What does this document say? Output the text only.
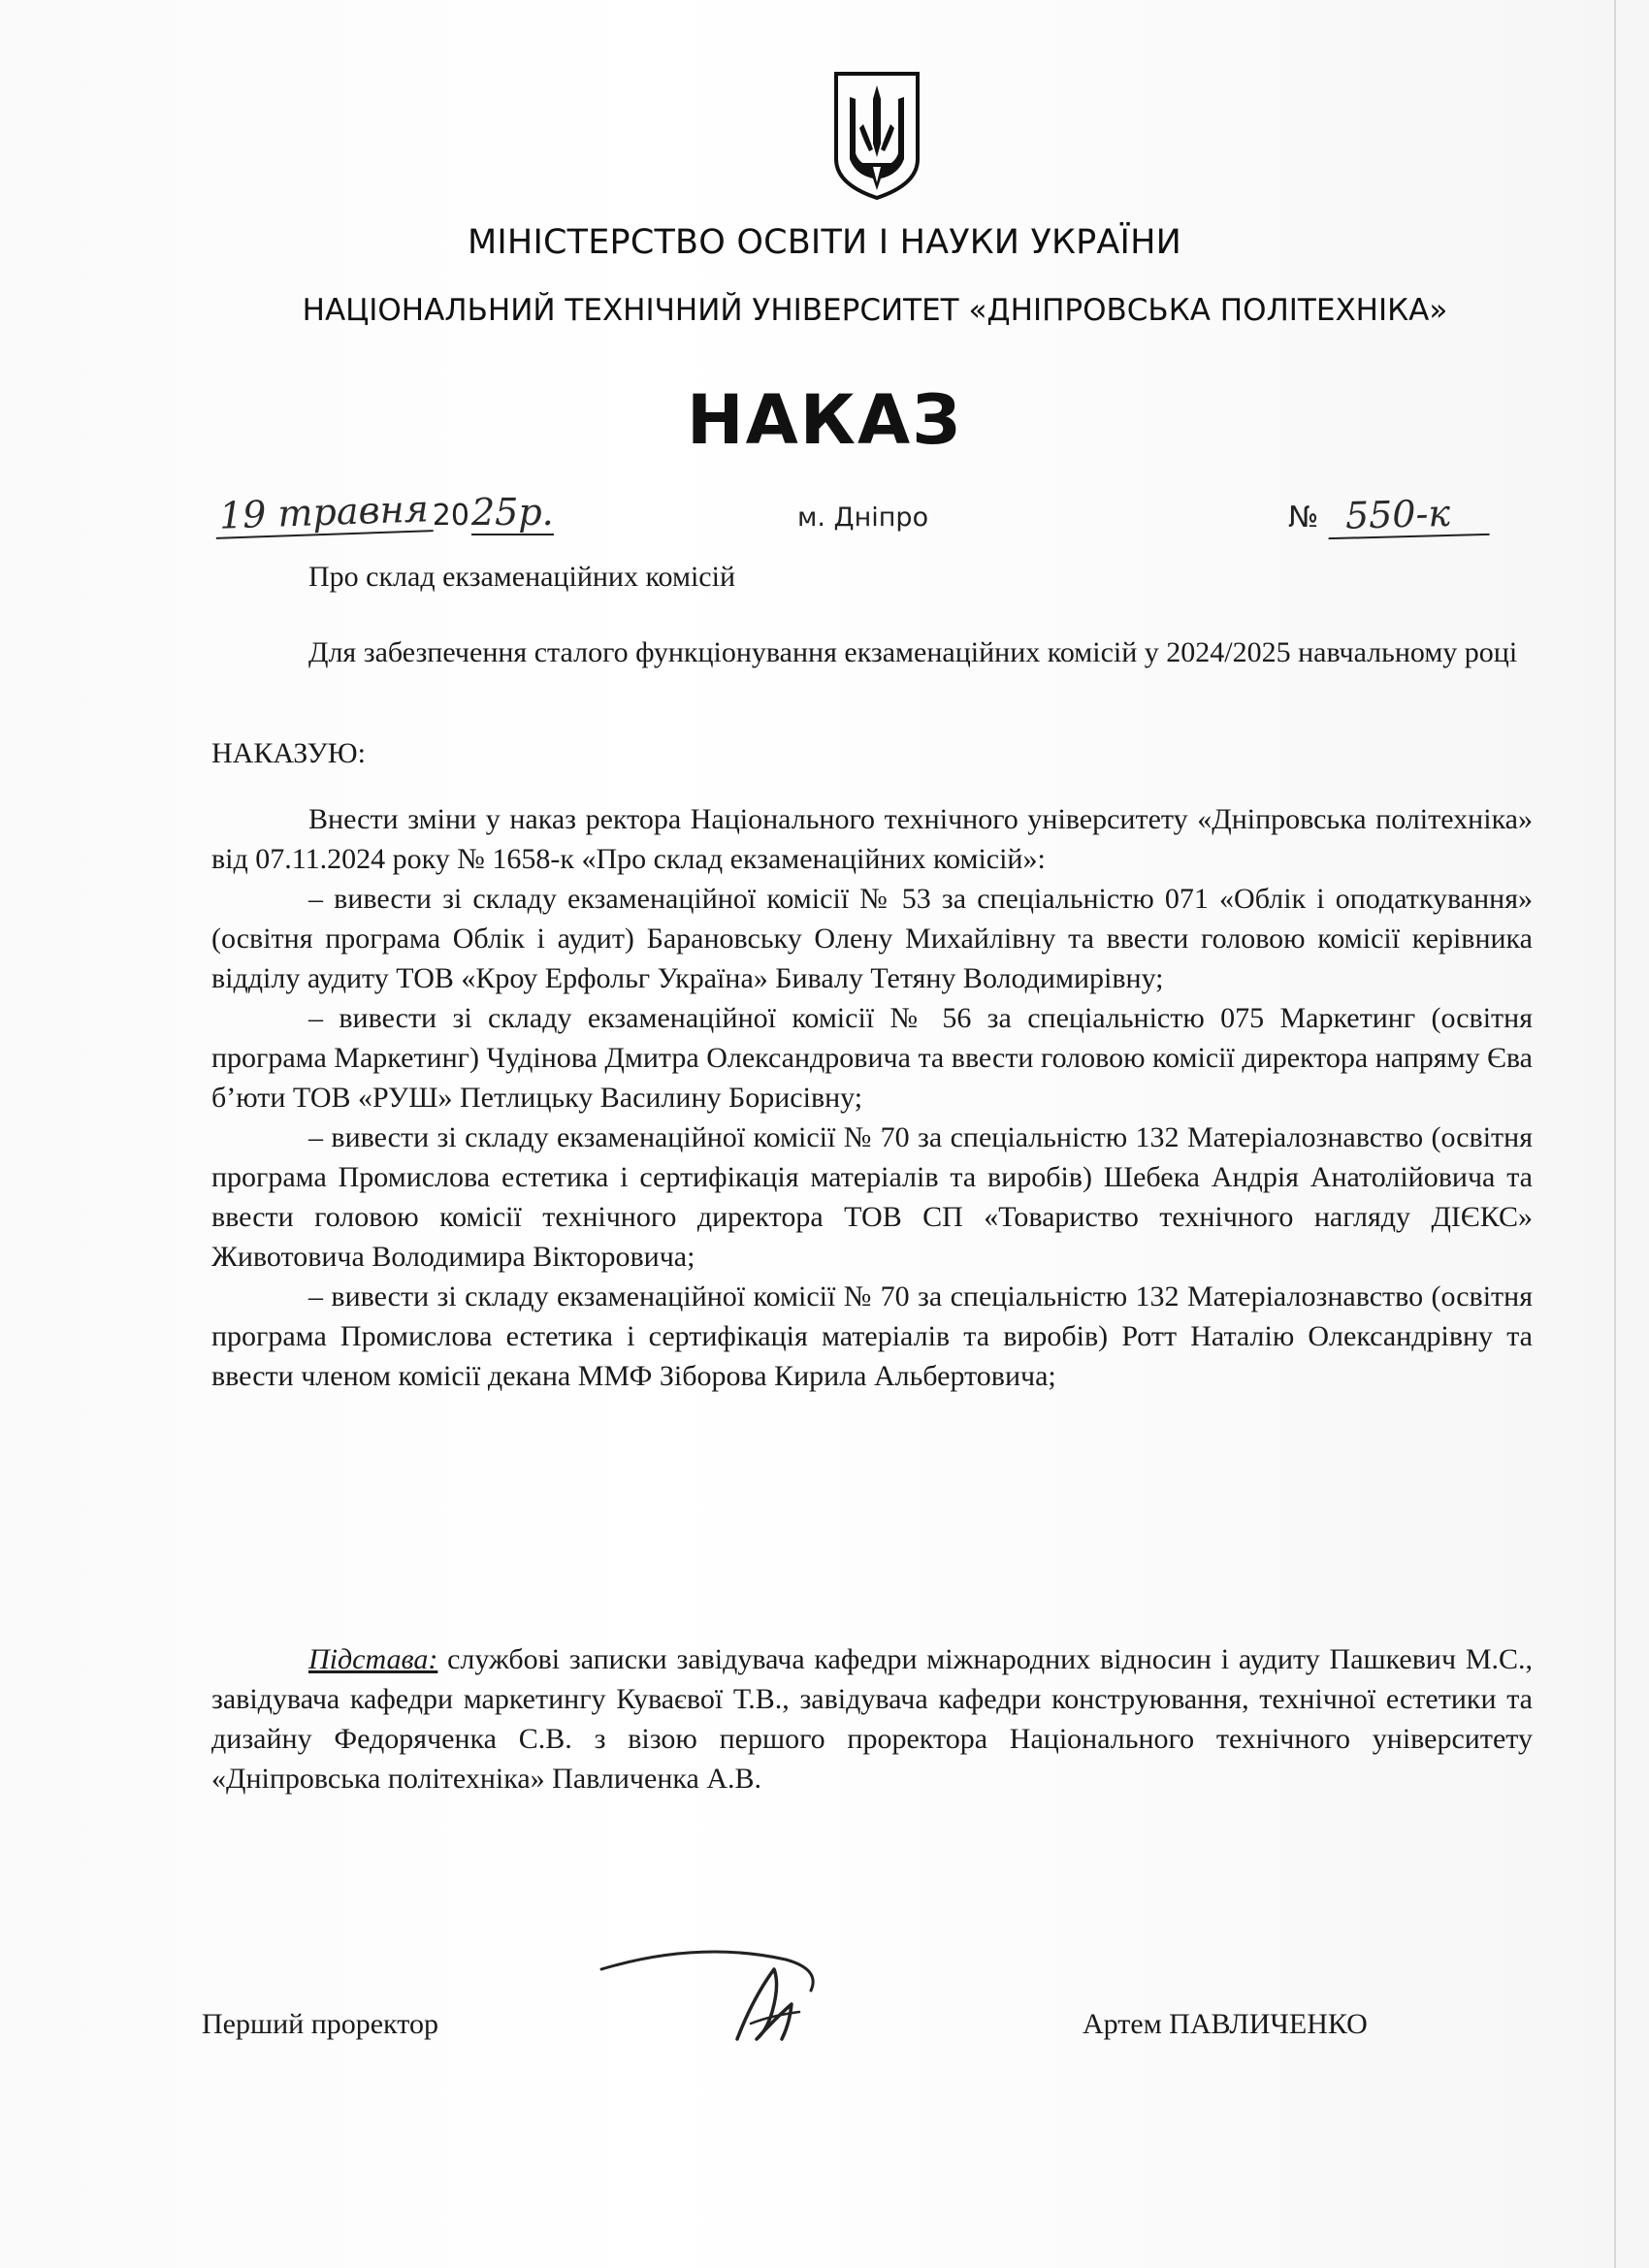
МІНІСТЕРСТВО ОСВІТИ І НАУКИ УКРАЇНИ
НАЦІОНАЛЬНИЙ ТЕХНІЧНИЙ УНІВЕРСИТЕТ «ДНІПРОВСЬКА ПОЛІТЕХНІКА»
НАКАЗ
19 травня 2025р.	м. Дніпро	№ 550-к
Про склад екзаменаційних комісій

Для забезпечення сталого функціонування екзаменаційних комісій у 2024/2025 навчальному році

НАКАЗУЮ:

Внести зміни у наказ ректора Національного технічного університету «Дніпровська політехніка» від 07.11.2024 року № 1658-к «Про склад екзаменаційних комісій»:

– вивести зі складу екзаменаційної комісії № 53 за спеціальністю 071 «Облік і оподаткування» (освітня програма Облік і аудит) Барановську Олену Михайлівну та ввести головою комісії керівника відділу аудиту ТОВ «Кроу Ерфольг Україна» Бивалу Тетяну Володимирівну;

– вивести зі складу екзаменаційної комісії № 56 за спеціальністю 075 Маркетинг (освітня програма Маркетинг) Чудінова Дмитра Олександровича та ввести головою комісії директора напряму Єва б’юти ТОВ «РУШ» Петлицьку Василину Борисівну;

– вивести зі складу екзаменаційної комісії № 70 за спеціальністю 132 Матеріалознавство (освітня програма Промислова естетика і сертифікація матеріалів та виробів) Шебека Андрія Анатолійовича та ввести головою комісії технічного директора ТОВ СП «Товариство технічного нагляду ДІЄКС» Животовича Володимира Вікторовича;

– вивести зі складу екзаменаційної комісії № 70 за спеціальністю 132 Матеріалознавство (освітня програма Промислова естетика і сертифікація матеріалів та виробів) Ротт Наталію Олександрівну та ввести членом комісії декана ММФ Зіборова Кирила Альбертовича;

Підстава: службові записки завідувача кафедри міжнародних відносин і аудиту Пашкевич М.С., завідувача кафедри маркетингу Куваєвої Т.В., завідувача кафедри конструювання, технічної естетики та дизайну Федоряченка С.В. з візою першого проректора Національного технічного університету «Дніпровська політехніка» Павличенка А.В.

Перший проректор	Артем ПАВЛИЧЕНКО
